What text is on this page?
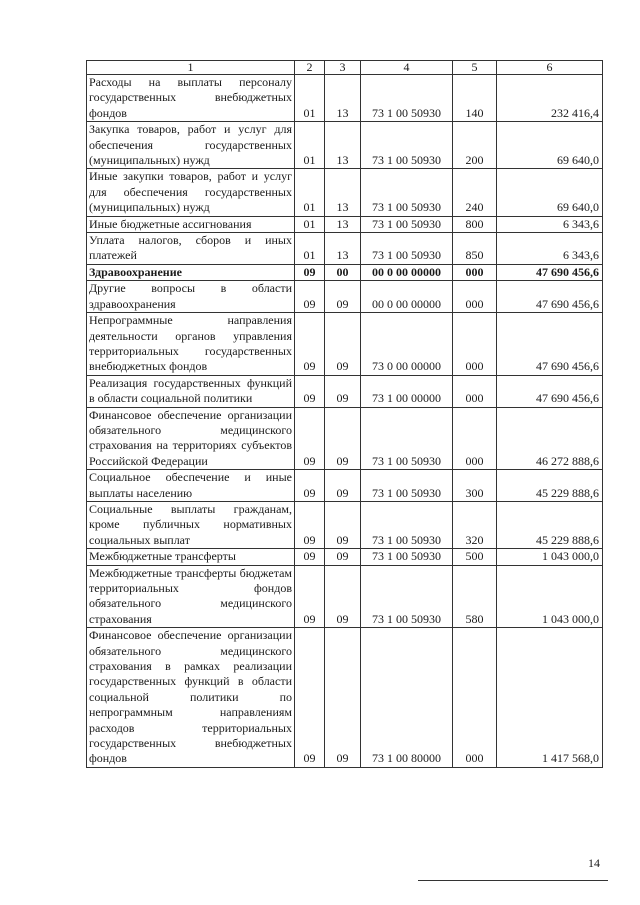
1	2	3	4	5	6
Расходы на выплаты персоналу государственных внебюджетных фондов	01	13	73 1 00 50930	140	232 416,4
Закупка товаров, работ и услуг для обеспечения государственных (муниципальных) нужд	01	13	73 1 00 50930	200	69 640,0
Иные закупки товаров, работ и услуг для обеспечения государственных (муниципальных) нужд	01	13	73 1 00 50930	240	69 640,0
Иные бюджетные ассигнования	01	13	73 1 00 50930	800	6 343,6
Уплата налогов, сборов и иных платежей	01	13	73 1 00 50930	850	6 343,6
Здравоохранение	09	00	00 0 00 00000	000	47 690 456,6
Другие вопросы в области здравоохранения	09	09	00 0 00 00000	000	47 690 456,6
Непрограммные направления деятельности органов управления территориальных государственных внебюджетных фондов	09	09	73 0 00 00000	000	47 690 456,6
Реализация государственных функций в области социальной политики	09	09	73 1 00 00000	000	47 690 456,6
Финансовое обеспечение организации обязательного медицинского страхования на территориях субъектов Российской Федерации	09	09	73 1 00 50930	000	46 272 888,6
Социальное обеспечение и иные выплаты населению	09	09	73 1 00 50930	300	45 229 888,6
Социальные выплаты гражданам, кроме публичных нормативных социальных выплат	09	09	73 1 00 50930	320	45 229 888,6
Межбюджетные трансферты	09	09	73 1 00 50930	500	1 043 000,0
Межбюджетные трансферты бюджетам территориальных фондов обязательного медицинского страхования	09	09	73 1 00 50930	580	1 043 000,0
Финансовое обеспечение организации обязательного медицинского страхования в рамках реализации государственных функций в области социальной политики по непрограммным направлениям расходов территориальных государственных внебюджетных фондов	09	09	73 1 00 80000	000	1 417 568,0
14
